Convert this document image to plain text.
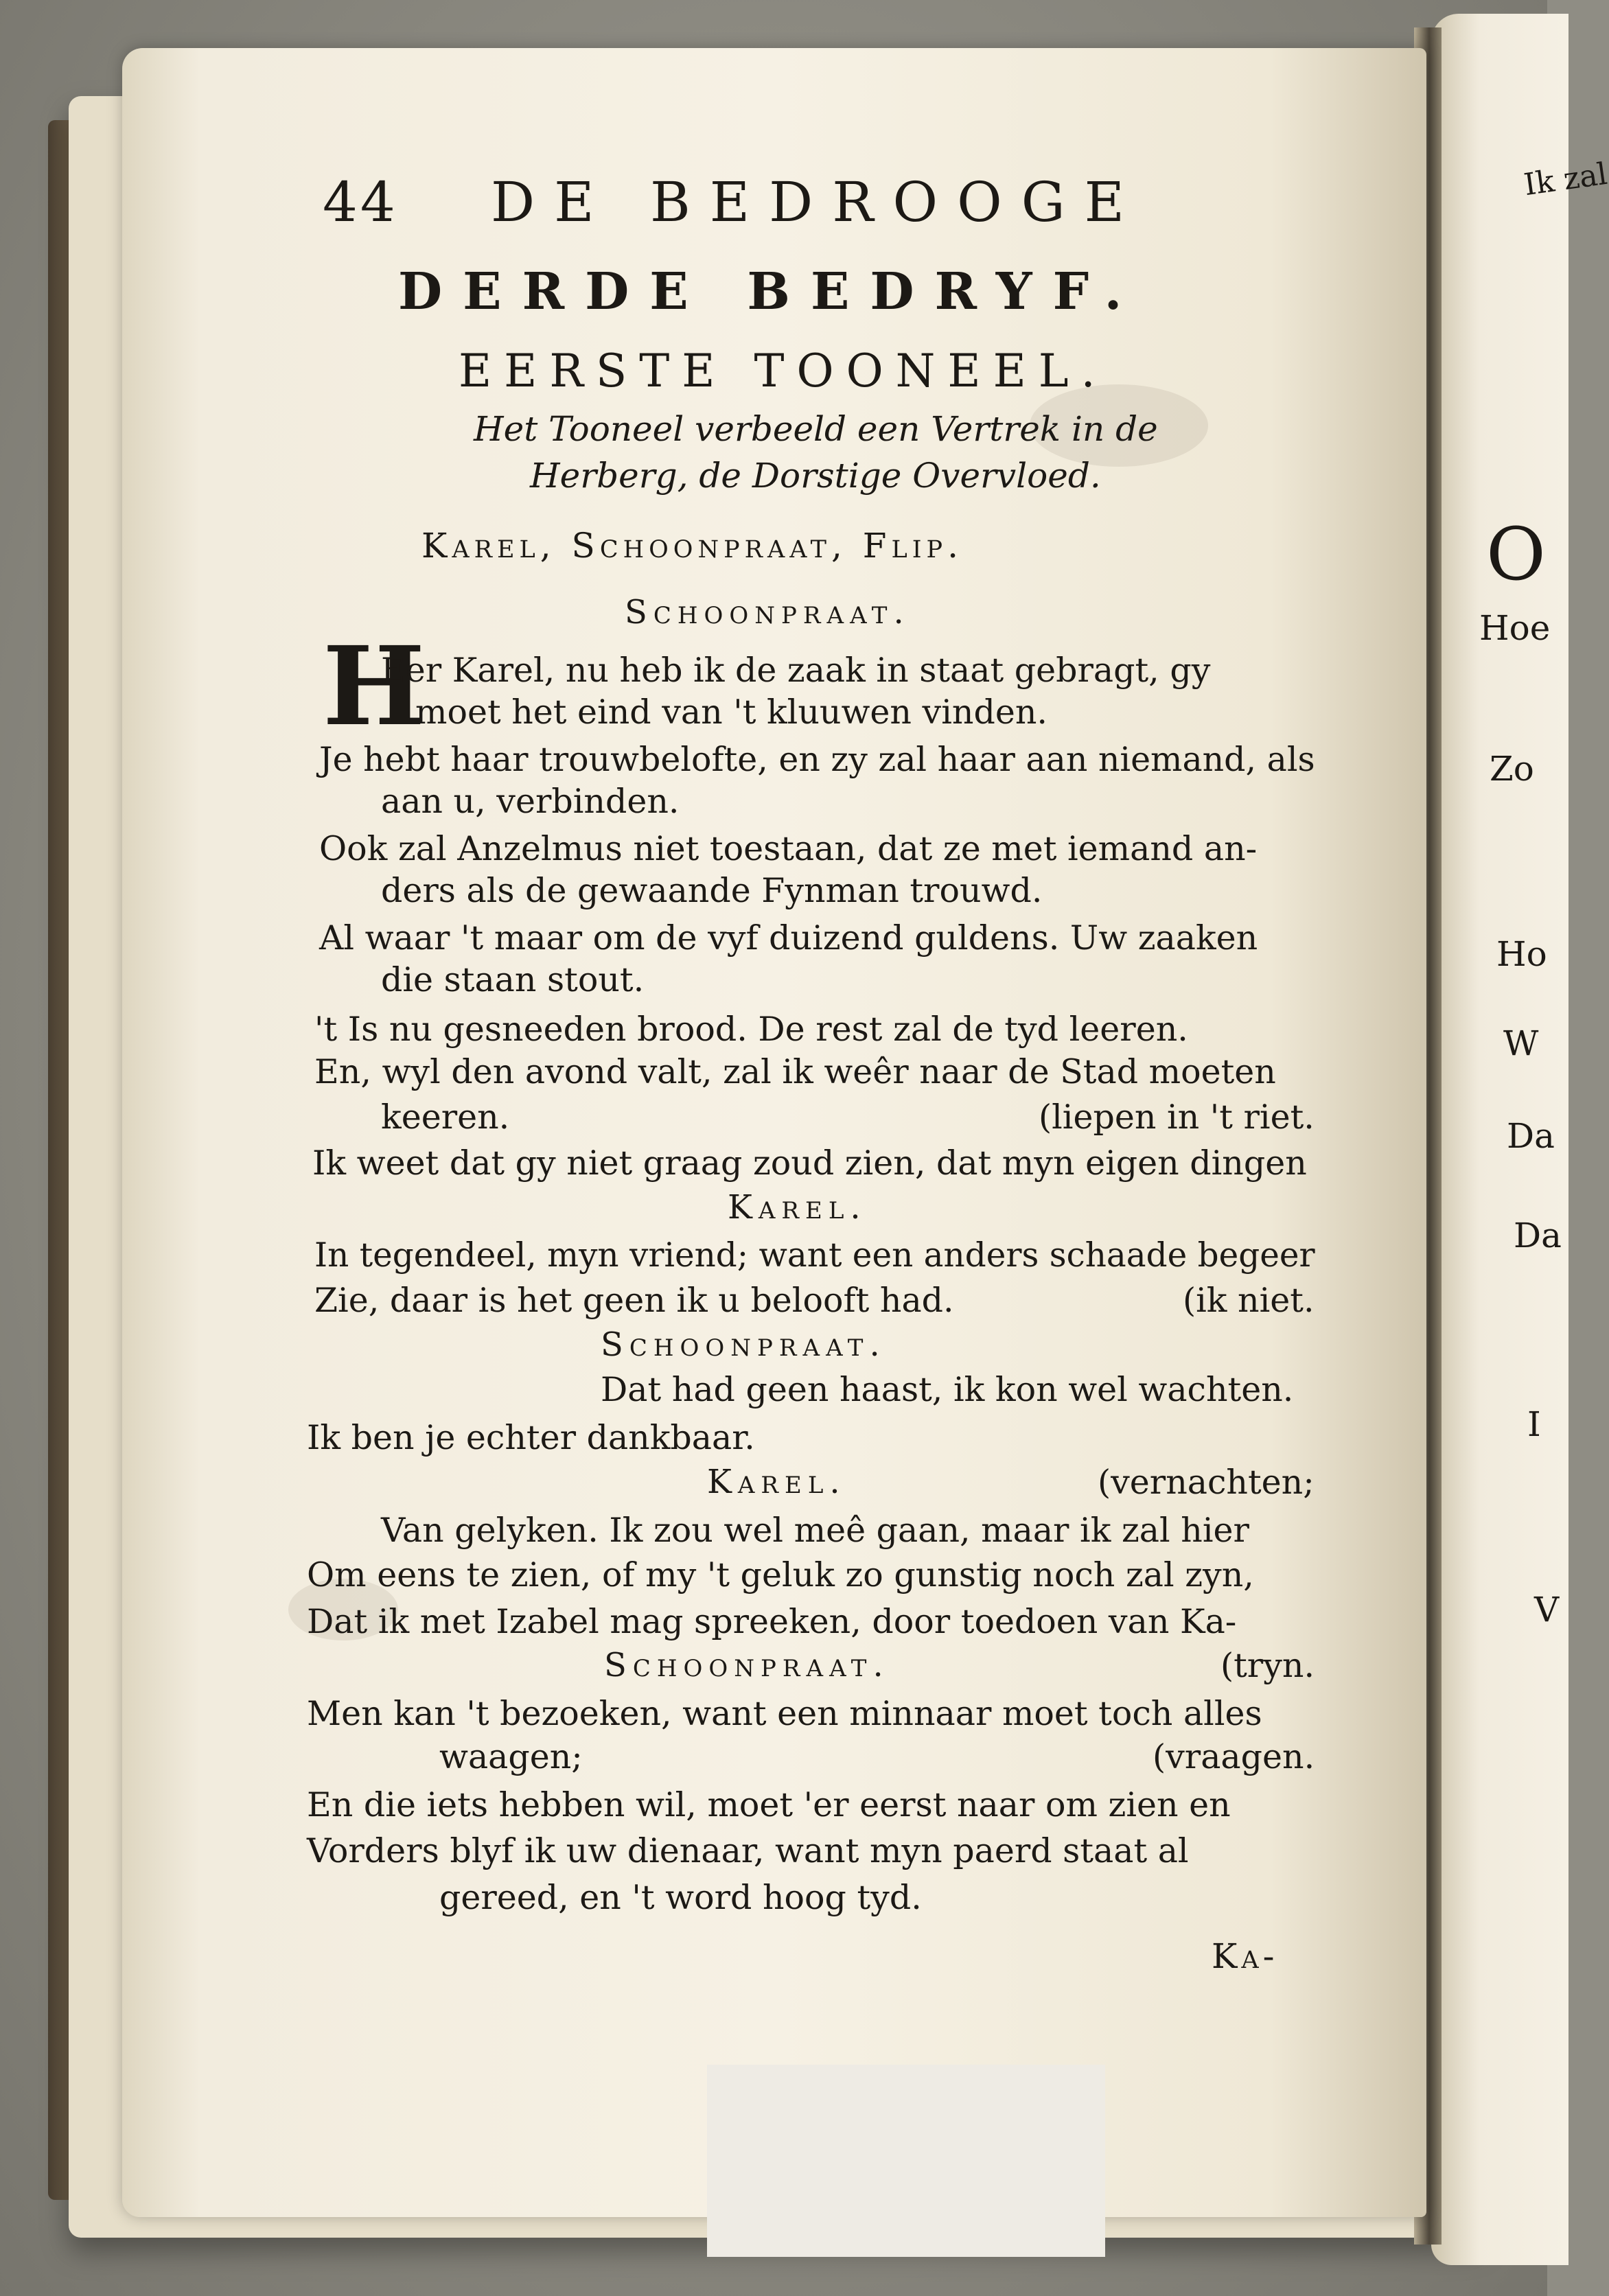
Ik zal
O
Hoe
Zo
Ho
W
Da
Da
I
V
44 DE BEDROOGE
DERDE BEDRYF.
EERSTE TOONEEL.
Het Tooneel verbeeld een Vertrek in de
Herberg, de Dorstige Overvloed.
Karel, Schoonpraat, Flip.
H
Schoonpraat.
Eer Karel, nu heb ik de zaak in staat gebragt, gy
moet het eind van 't kluuwen vinden.
Je hebt haar trouwbelofte, en zy zal haar aan niemand, als
aan u, verbinden.
Ook zal Anzelmus niet toestaan, dat ze met iemand an-
ders als de gewaande Fynman trouwd.
Al waar 't maar om de vyf duizend guldens. Uw zaaken
die staan stout.
't Is nu gesneeden brood. De rest zal de tyd leeren.
En, wyl den avond valt, zal ik weêr naar de Stad moeten
keeren.	(liepen in 't riet.
Ik weet dat gy niet graag zoud zien, dat myn eigen dingen
Karel.
In tegendeel, myn vriend; want een anders schaade begeer
Zie, daar is het geen ik u belooft had.	(ik niet.
Schoonpraat.
Dat had geen haast, ik kon wel wachten.
Ik ben je echter dankbaar.
Karel.	(vernachten;
Van gelyken. Ik zou wel meê gaan, maar ik zal hier
Om eens te zien, of my 't geluk zo gunstig noch zal zyn,
Dat ik met Izabel mag spreeken, door toedoen van Ka-
Schoonpraat.	(tryn.
Men kan 't bezoeken, want een minnaar moet toch alles
waagen;	(vraagen.
En die iets hebben wil, moet 'er eerst naar om zien en
Vorders blyf ik uw dienaar, want myn paerd staat al
gereed, en 't word hoog tyd.
Ka-
